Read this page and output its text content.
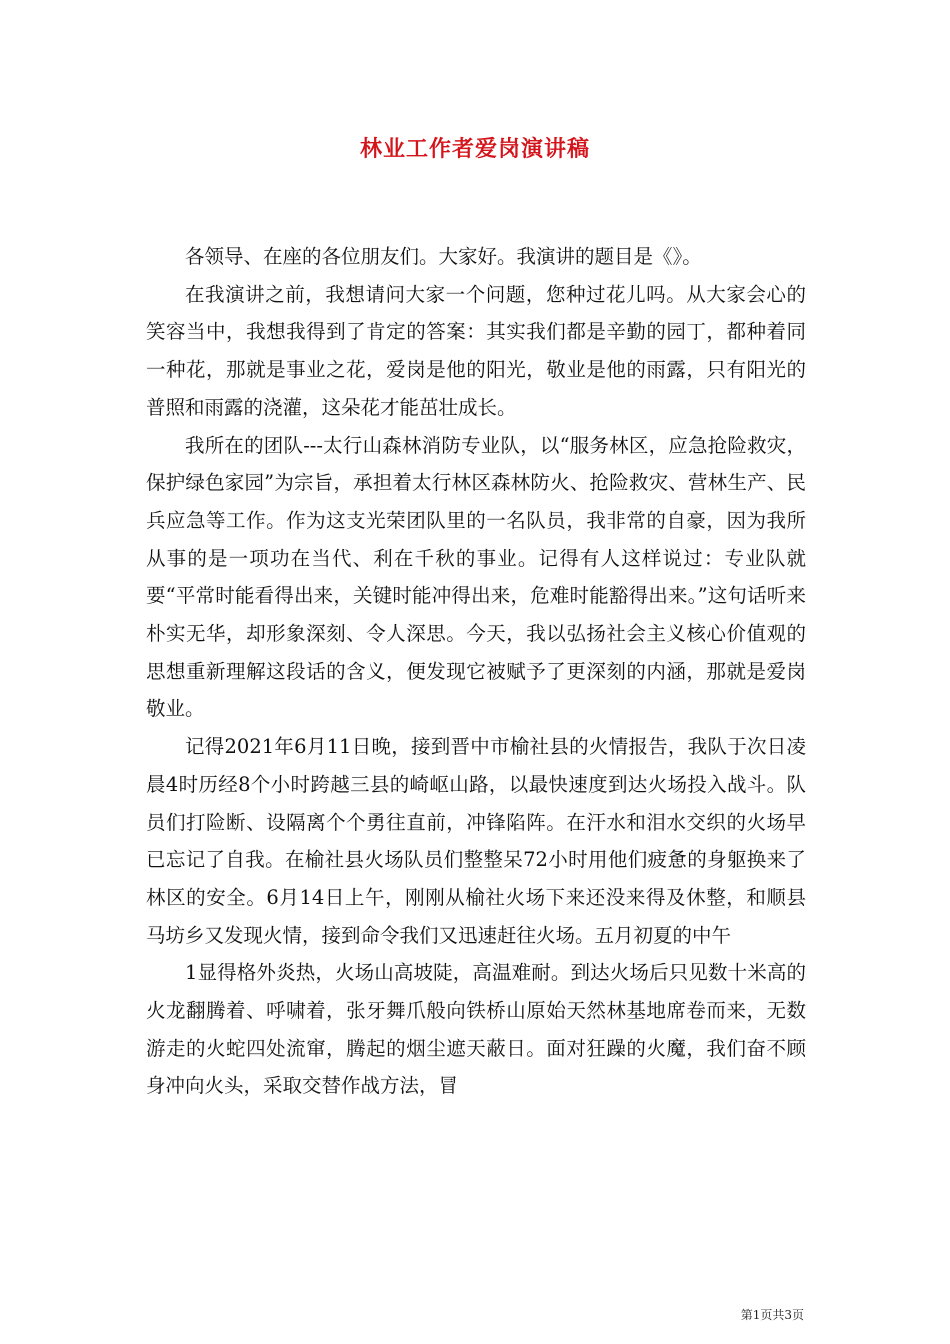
林业工作者爱岗演讲稿

各领导、在座的各位朋友们。大家好。我演讲的题目是《》。

在我演讲之前，我想请问大家一个问题，您种过花儿吗。从大家会心的笑容当中，我想我得到了肯定的答案：其实我们都是辛勤的园丁，都种着同一种花，那就是事业之花，爱岗是他的阳光，敬业是他的雨露，只有阳光的普照和雨露的浇灌，这朵花才能茁壮成长。

我所在的团队---太行山森林消防专业队，以“服务林区，应急抢险救灾，保护绿色家园”为宗旨，承担着太行林区森林防火、抢险救灾、营林生产、民兵应急等工作。作为这支光荣团队里的一名队员，我非常的自豪，因为我所从事的是一项功在当代、利在千秋的事业。记得有人这样说过：专业队就要“平常时能看得出来，关键时能冲得出来，危难时能豁得出来。”这句话听来朴实无华，却形象深刻、令人深思。今天，我以弘扬社会主义核心价值观的思想重新理解这段话的含义，便发现它被赋予了更深刻的内涵，那就是爱岗敬业。

记得2021年6月11日晚，接到晋中市榆社县的火情报告，我队于次日凌晨4时历经8个小时跨越三县的崎岖山路，以最快速度到达火场投入战斗。队员们打险断、设隔离个个勇往直前，冲锋陷阵。在汗水和泪水交织的火场早已忘记了自我。在榆社县火场队员们整整呆72小时用他们疲惫的身躯换来了林区的安全。6月14日上午，刚刚从榆社火场下来还没来得及休整，和顺县马坊乡又发现火情，接到命令我们又迅速赶往火场。五月初夏的中午

1显得格外炎热，火场山高坡陡，高温难耐。到达火场后只见数十米高的火龙翻腾着、呼啸着，张牙舞爪般向铁桥山原始天然林基地席卷而来，无数游走的火蛇四处流窜，腾起的烟尘遮天蔽日。面对狂躁的火魔，我们奋不顾身冲向火头，采取交替作战方法，冒

第1页共3页
